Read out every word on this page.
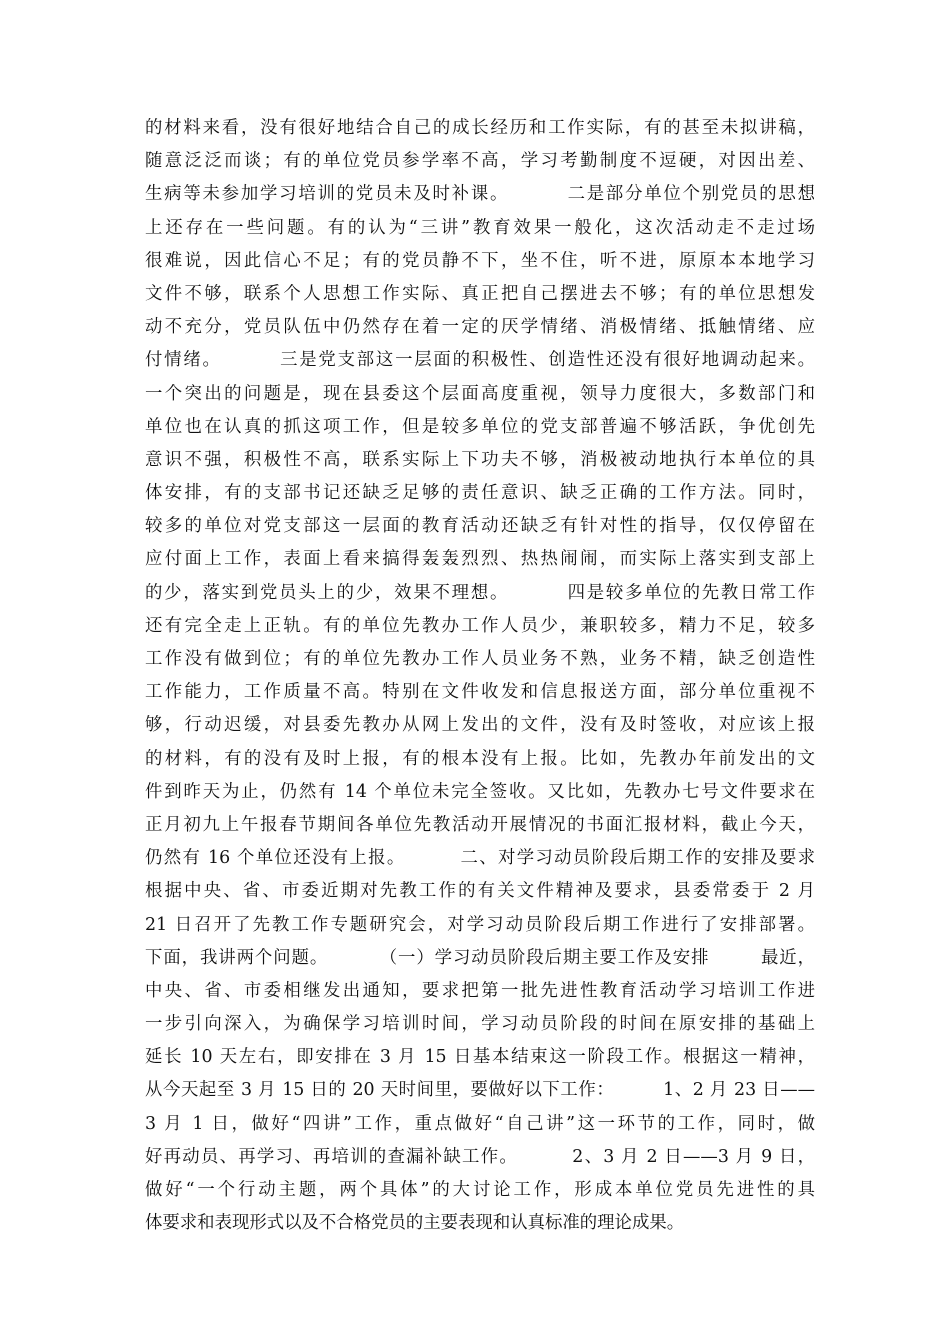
的材料来看，没有很好地结合自己的成长经历和工作实际，有的甚至未拟讲稿，
随意泛泛而谈；有的单位党员参学率不高，学习考勤制度不逗硬，对因出差、
生病等未参加学习培训的党员未及时补课。        二是部分单位个别党员的思想
上还存在一些问题。有的认为“三讲”教育效果一般化，这次活动走不走过场
很难说，因此信心不足；有的党员静不下，坐不住，听不进，原原本本地学习
文件不够，联系个人思想工作实际、真正把自己摆进去不够；有的单位思想发
动不充分，党员队伍中仍然存在着一定的厌学情绪、消极情绪、抵触情绪、应
付情绪。        三是党支部这一层面的积极性、创造性还没有很好地调动起来。
一个突出的问题是，现在县委这个层面高度重视，领导力度很大，多数部门和
单位也在认真的抓这项工作，但是较多单位的党支部普遍不够活跃，争优创先
意识不强，积极性不高，联系实际上下功夫不够，消极被动地执行本单位的具
体安排，有的支部书记还缺乏足够的责任意识、缺乏正确的工作方法。同时，
较多的单位对党支部这一层面的教育活动还缺乏有针对性的指导，仅仅停留在
应付面上工作，表面上看来搞得轰轰烈烈、热热闹闹，而实际上落实到支部上
的少，落实到党员头上的少，效果不理想。        四是较多单位的先教日常工作
还有完全走上正轨。有的单位先教办工作人员少，兼职较多，精力不足，较多
工作没有做到位；有的单位先教办工作人员业务不熟，业务不精，缺乏创造性
工作能力，工作质量不高。特别在文件收发和信息报送方面，部分单位重视不
够，行动迟缓，对县委先教办从网上发出的文件，没有及时签收，对应该上报
的材料，有的没有及时上报，有的根本没有上报。比如，先教办年前发出的文
件到昨天为止，仍然有 14 个单位未完全签收。又比如，先教办七号文件要求在
正月初九上午报春节期间各单位先教活动开展情况的书面汇报材料，截止今天，
仍然有 16 个单位还没有上报。        二、对学习动员阶段后期工作的安排及要求
根据中央、省、市委近期对先教工作的有关文件精神及要求，县委常委于 2 月
21 日召开了先教工作专题研究会，对学习动员阶段后期工作进行了安排部署。
下面，我讲两个问题。        （一）学习动员阶段后期主要工作及安排        最近，
中央、省、市委相继发出通知，要求把第一批先进性教育活动学习培训工作进
一步引向深入，为确保学习培训时间，学习动员阶段的时间在原安排的基础上
延长 10 天左右，即安排在 3 月 15 日基本结束这一阶段工作。根据这一精神，
从今天起至 3 月 15 日的 20 天时间里，要做好以下工作：        1、2 月 23 日——
3 月 1 日，做好“四讲”工作，重点做好“自己讲”这一环节的工作，同时，做
好再动员、再学习、再培训的查漏补缺工作。        2、3 月 2 日——3 月 9 日，
做好“一个行动主题，两个具体”的大讨论工作，形成本单位党员先进性的具
体要求和表现形式以及不合格党员的主要表现和认真标准的理论成果。
